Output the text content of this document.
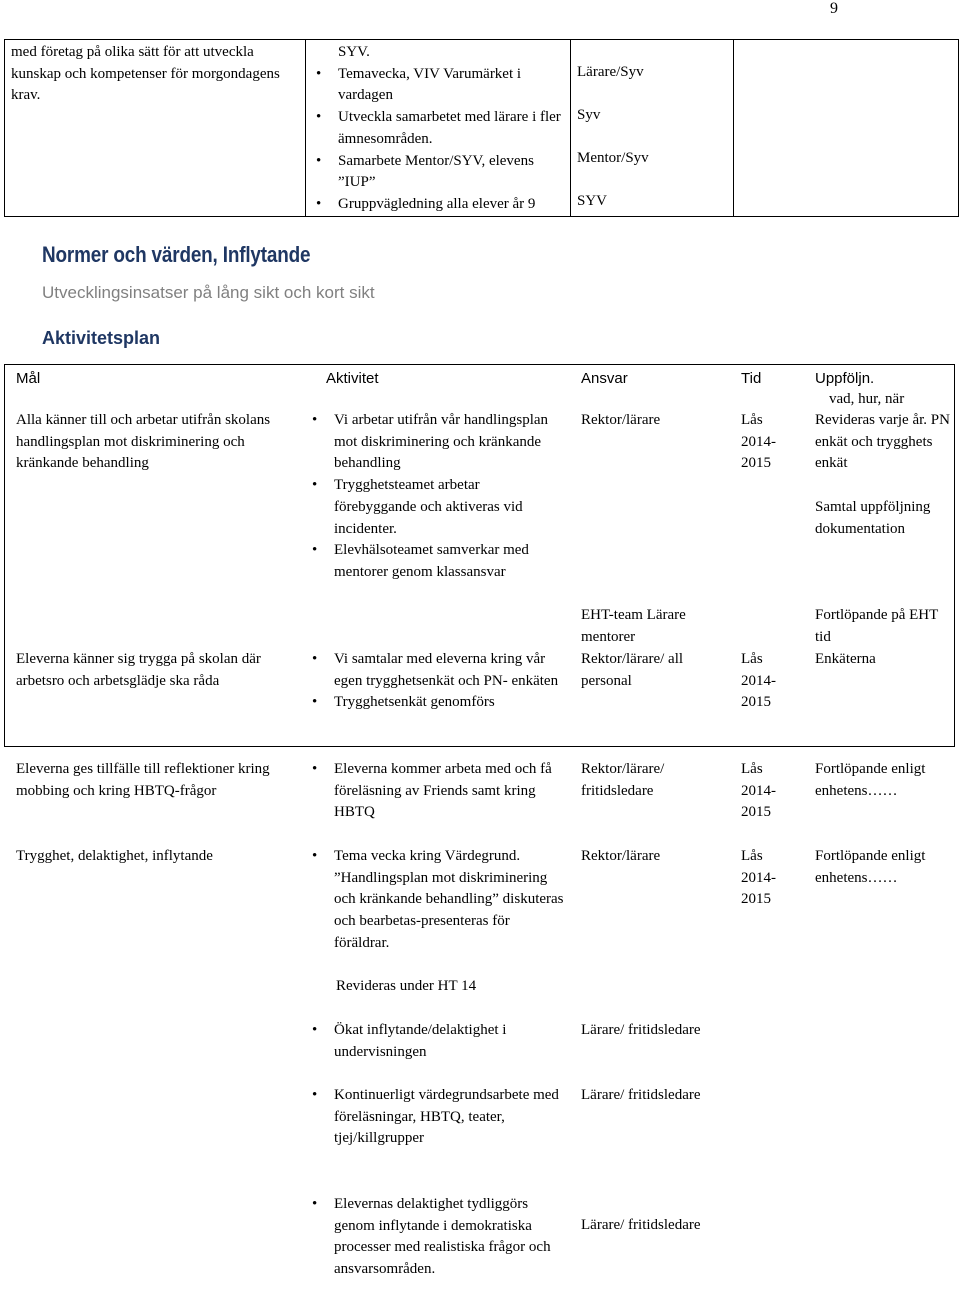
9
med företag på olika sätt för att utveckla kunskap och kompetenser för morgondagens krav.	
SYV.
• Temavecka, VIV Varumärket i vardagen
• Utveckla samarbetet med lärare i fler ämnesområden.
• Samarbete Mentor/SYV, elevens ”IUP”
• Gruppvägledning alla elever år 9

Lärare/Syv
Syv
Mentor/Syv
SYV

Normer och värden, Inflytande
Utvecklingsinsatser på lång sikt och kort sikt
Aktivitetsplan
Mål	Aktivitet	Ansvar	Tid	Uppföljn.
vad, hur, när
Alla känner till och arbetar utifrån skolans handlingsplan mot diskriminering och kränkande behandling
• Vi arbetar utifrån vår handlingsplan mot diskriminering och kränkande behandling
• Trygghetsteamet arbetar förebyggande och aktiveras vid incidenter.
• Elevhälsoteamet samverkar med mentorer genom klassansvar
Rektor/lärare
EHT-team Lärare mentorer
Lås 2014-2015
Revideras varje år. PN enkät och trygghets enkät
Samtal uppföljning dokumentation
Fortlöpande på EHT tid
Eleverna känner sig trygga på skolan där arbetsro och arbetsglädje ska råda
• Vi samtalar med eleverna kring vår egen trygghetsenkät och PN- enkäten
• Trygghetsenkät genomförs
Rektor/lärare/ all personal
Lås 2014-2015
Enkäterna
Eleverna ges tillfälle till reflektioner kring mobbing och kring HBTQ-frågor
• Eleverna kommer arbeta med och få föreläsning av Friends samt kring HBTQ
Rektor/lärare/ fritidsledare
Lås 2014-2015
Fortlöpande enligt enhetens……
Trygghet, delaktighet, inflytande
•	Tema vecka kring Värdegrund. ”Handlingsplan mot diskriminering och kränkande behandling” diskuteras och bearbetas-presenteras för föräldrar.
Revideras under HT 14
Rektor/lärare	Lås 2014-2015
Fortlöpande enligt enhetens……
• Ökat inflytande/delaktighet i undervisningen
Lärare/ fritidsledare
• Kontinuerligt värdegrundsarbete med föreläsningar, HBTQ, teater, tjej/killgrupper
Lärare/ fritidsledare
• Elevernas delaktighet tydliggörs genom inflytande i demokratiska processer med realistiska frågor och ansvarsområden.
Lärare/ fritidsledare
